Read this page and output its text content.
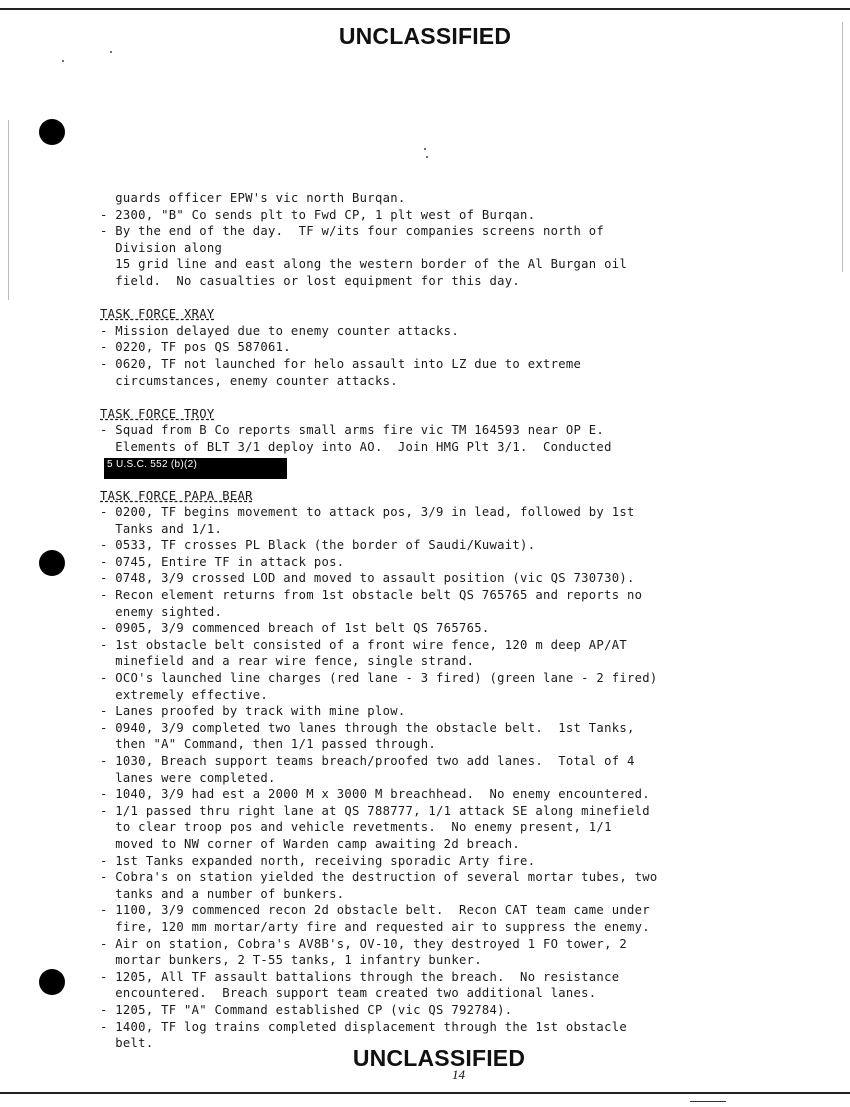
UNCLASSIFIED
guards officer EPW's vic north Burqan.
- 2300, "B" Co sends plt to Fwd CP, 1 plt west of Burqan.
- By the end of the day.  TF w/its four companies screens north of
Division along
15 grid line and east along the western border of the Al Burgan oil
field.  No casualties or lost equipment for this day.
TASK FORCE XRAY
- Mission delayed due to enemy counter attacks.
- 0220, TF pos QS 587061.
- 0620, TF not launched for helo assault into LZ due to extreme
circumstances, enemy counter attacks.
TASK FORCE TROY
- Squad from B Co reports small arms fire vic TM 164593 near OP E.
Elements of BLT 3/1 deploy into AO.  Join HMG Plt 3/1.  Conducted
5 U.S.C. 552 (b)(2)
TASK FORCE PAPA BEAR
- 0200, TF begins movement to attack pos, 3/9 in lead, followed by 1st
Tanks and 1/1.
- 0533, TF crosses PL Black (the border of Saudi/Kuwait).
- 0745, Entire TF in attack pos.
- 0748, 3/9 crossed LOD and moved to assault position (vic QS 730730).
- Recon element returns from 1st obstacle belt QS 765765 and reports no
enemy sighted.
- 0905, 3/9 commenced breach of 1st belt QS 765765.
- 1st obstacle belt consisted of a front wire fence, 120 m deep AP/AT
minefield and a rear wire fence, single strand.
- OCO's launched line charges (red lane - 3 fired) (green lane - 2 fired)
extremely effective.
- Lanes proofed by track with mine plow.
- 0940, 3/9 completed two lanes through the obstacle belt.  1st Tanks,
then "A" Command, then 1/1 passed through.
- 1030, Breach support teams breach/proofed two add lanes.  Total of 4
lanes were completed.
- 1040, 3/9 had est a 2000 M x 3000 M breachhead.  No enemy encountered.
- 1/1 passed thru right lane at QS 788777, 1/1 attack SE along minefield
to clear troop pos and vehicle revetments.  No enemy present, 1/1
moved to NW corner of Warden camp awaiting 2d breach.
- 1st Tanks expanded north, receiving sporadic Arty fire.
- Cobra's on station yielded the destruction of several mortar tubes, two
tanks and a number of bunkers.
- 1100, 3/9 commenced recon 2d obstacle belt.  Recon CAT team came under
fire, 120 mm mortar/arty fire and requested air to suppress the enemy.
- Air on station, Cobra's AV8B's, OV-10, they destroyed 1 FO tower, 2
mortar bunkers, 2 T-55 tanks, 1 infantry bunker.
- 1205, All TF assault battalions through the breach.  No resistance
encountered.  Breach support team created two additional lanes.
- 1205, TF "A" Command established CP (vic QS 792784).
- 1400, TF log trains completed displacement through the 1st obstacle
belt.
UNCLASSIFIED
14
